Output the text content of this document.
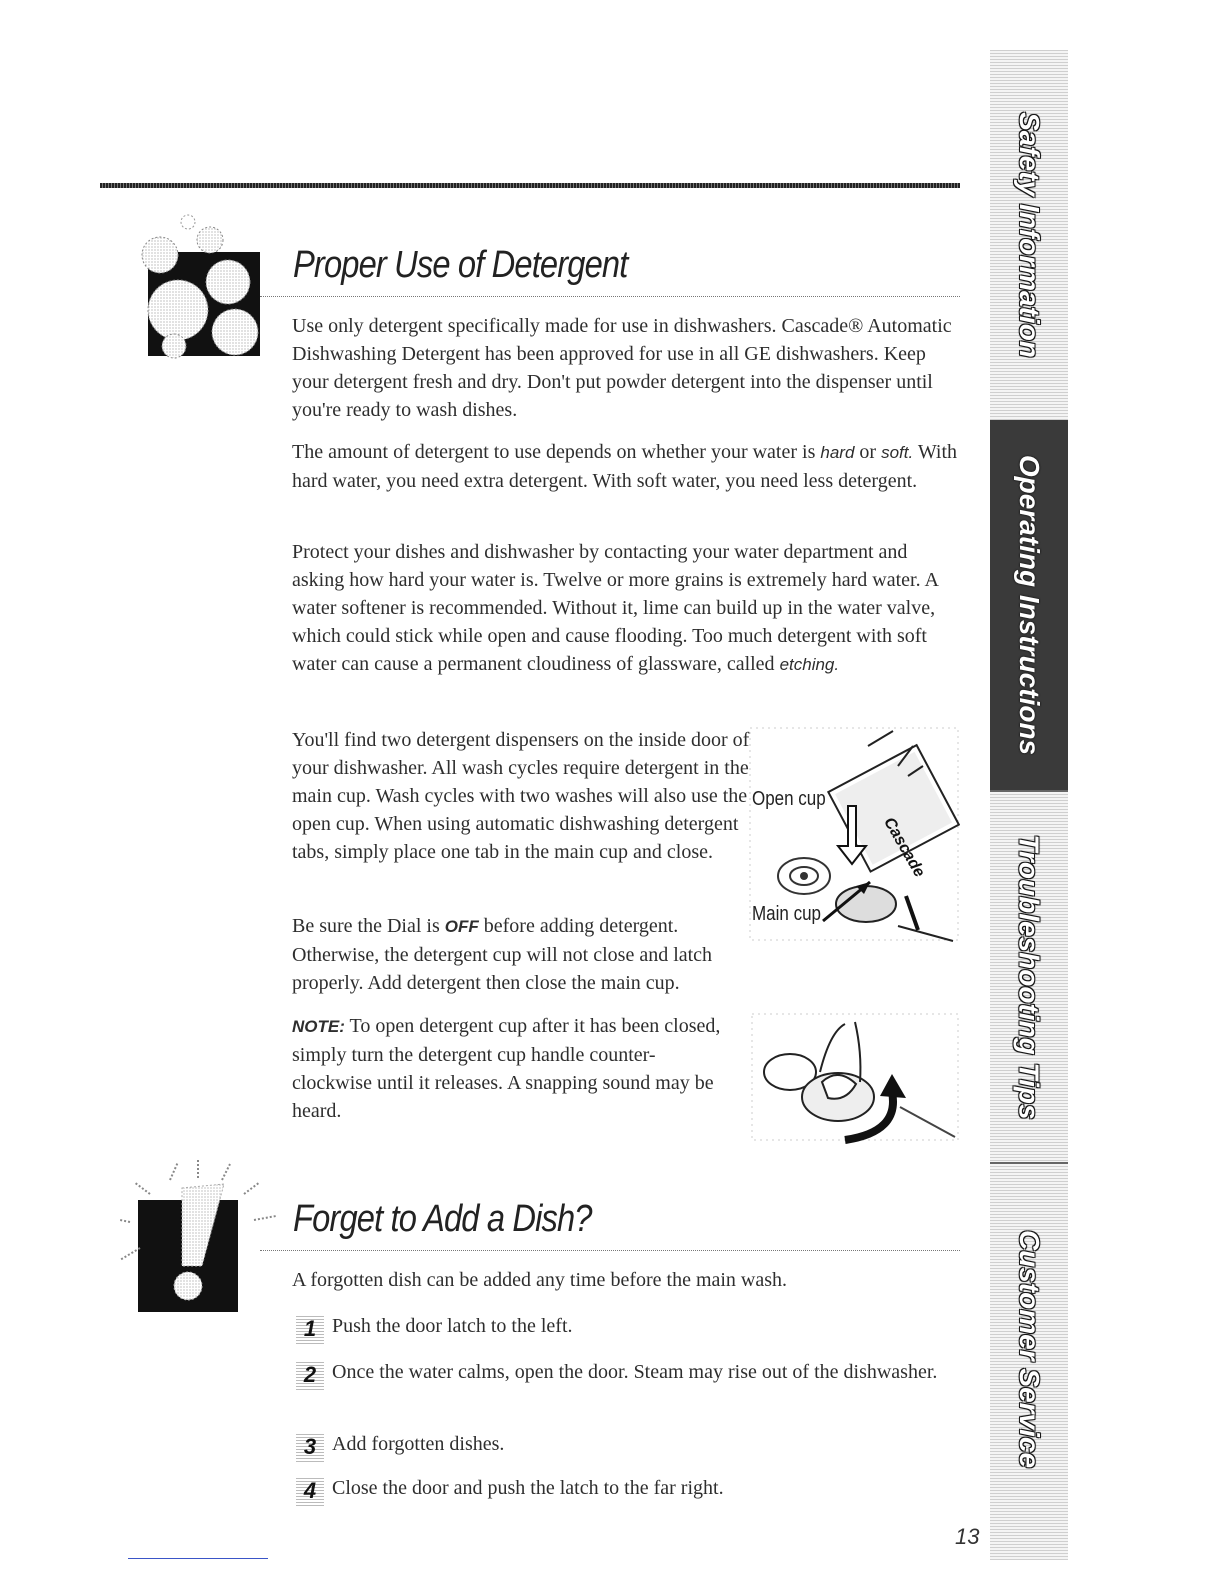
Proper Use of Detergent

Use only detergent specifically made for use in dishwashers. Cascade® Automatic Dishwashing Detergent has been approved for use in all GE dishwashers. Keep your detergent fresh and dry. Don't put powder detergent into the dispenser until you're ready to wash dishes.

The amount of detergent to use depends on whether your water is hard or soft. With hard water, you need extra detergent. With soft water, you need less detergent.

Protect your dishes and dishwasher by contacting your water department and asking how hard your water is. Twelve or more grains is extremely hard water. A water softener is recommended. Without it, lime can build up in the water valve, which could stick while open and cause flooding. Too much detergent with soft water can cause a permanent cloudiness of glassware, called etching.

You'll find two detergent dispensers on the inside door of your dishwasher. All wash cycles require detergent in the main cup. Wash cycles with two washes will also use the open cup. When using automatic dishwashing detergent tabs, simply place one tab in the main cup and close.

Be sure the Dial is OFF before adding detergent. Otherwise, the detergent cup will not close and latch properly. Add detergent then close the main cup.

NOTE: To open detergent cup after it has been closed, simply turn the detergent cup handle counter-clockwise until it releases. A snapping sound may be heard.

Cascade
Open cup
Main cup
Forget to Add a Dish?

A forgotten dish can be added any time before the main wash.

1 Push the door latch to the left.
2 Once the water calms, open the door. Steam may rise out of the dishwasher.
3 Add forgotten dishes.
4 Close the door and push the latch to the far right.
Safety Information
Operating Instructions
Troubleshooting Tips
Customer Service
13
